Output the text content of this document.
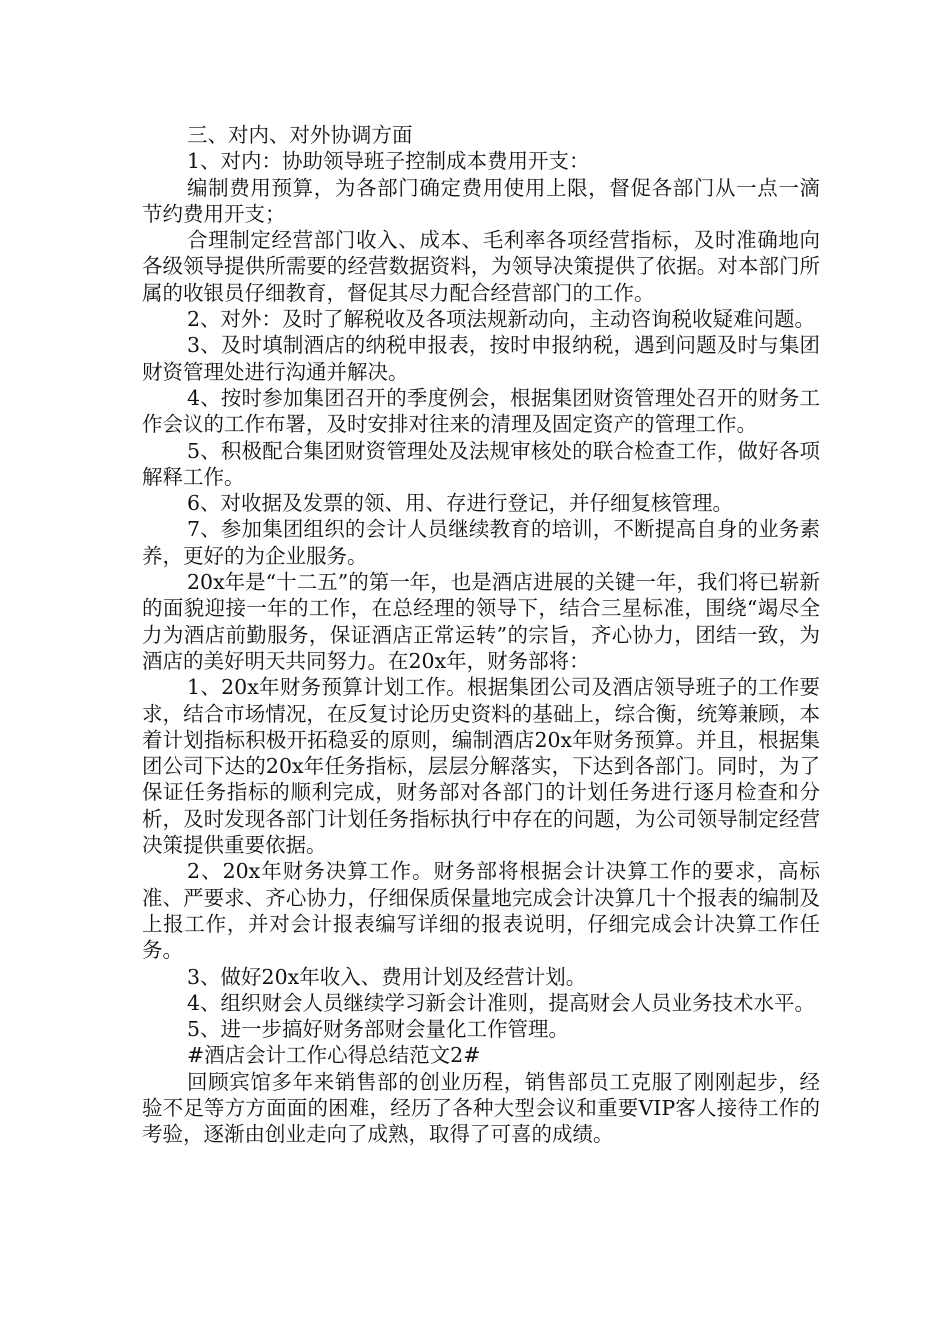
三、对内、对外协调方面

1、对内：协助领导班子控制成本费用开支：

编制费用预算，为各部门确定费用使用上限，督促各部门从一点一滴节约费用开支；

合理制定经营部门收入、成本、毛利率各项经营指标，及时准确地向各级领导提供所需要的经营数据资料，为领导决策提供了依据。对本部门所属的收银员仔细教育，督促其尽力配合经营部门的工作。

2、对外：及时了解税收及各项法规新动向，主动咨询税收疑难问题。

3、及时填制酒店的纳税申报表，按时申报纳税，遇到问题及时与集团财资管理处进行沟通并解决。

4、按时参加集团召开的季度例会，根据集团财资管理处召开的财务工作会议的工作布署，及时安排对往来的清理及固定资产的管理工作。

5、积极配合集团财资管理处及法规审核处的联合检查工作，做好各项解释工作。

6、对收据及发票的领、用、存进行登记，并仔细复核管理。

7、参加集团组织的会计人员继续教育的培训，不断提高自身的业务素养，更好的为企业服务。

20x年是“十二五”的第一年，也是酒店进展的关键一年，我们将已崭新的面貌迎接一年的工作，在总经理的领导下，结合三星标准，围绕“竭尽全力为酒店前勤服务，保证酒店正常运转”的宗旨，齐心协力，团结一致，为酒店的美好明天共同努力。在20x年，财务部将：

1、20x年财务预算计划工作。根据集团公司及酒店领导班子的工作要求，结合市场情况，在反复讨论历史资料的基础上，综合衡，统筹兼顾，本着计划指标积极开拓稳妥的原则，编制酒店20x年财务预算。并且，根据集团公司下达的20x年任务指标，层层分解落实，下达到各部门。同时，为了保证任务指标的顺利完成，财务部对各部门的计划任务进行逐月检查和分析，及时发现各部门计划任务指标执行中存在的问题，为公司领导制定经营决策提供重要依据。

2、20x年财务决算工作。财务部将根据会计决算工作的要求，高标准、严要求、齐心协力，仔细保质保量地完成会计决算几十个报表的编制及上报工作，并对会计报表编写详细的报表说明，仔细完成会计决算工作任务。

3、做好20x年收入、费用计划及经营计划。

4、组织财会人员继续学习新会计准则，提高财会人员业务技术水平。

5、进一步搞好财务部财会量化工作管理。

#酒店会计工作心得总结范文2#

回顾宾馆多年来销售部的创业历程，销售部员工克服了刚刚起步，经验不足等方方面面的困难，经历了各种大型会议和重要VIP客人接待工作的考验，逐渐由创业走向了成熟，取得了可喜的成绩。
